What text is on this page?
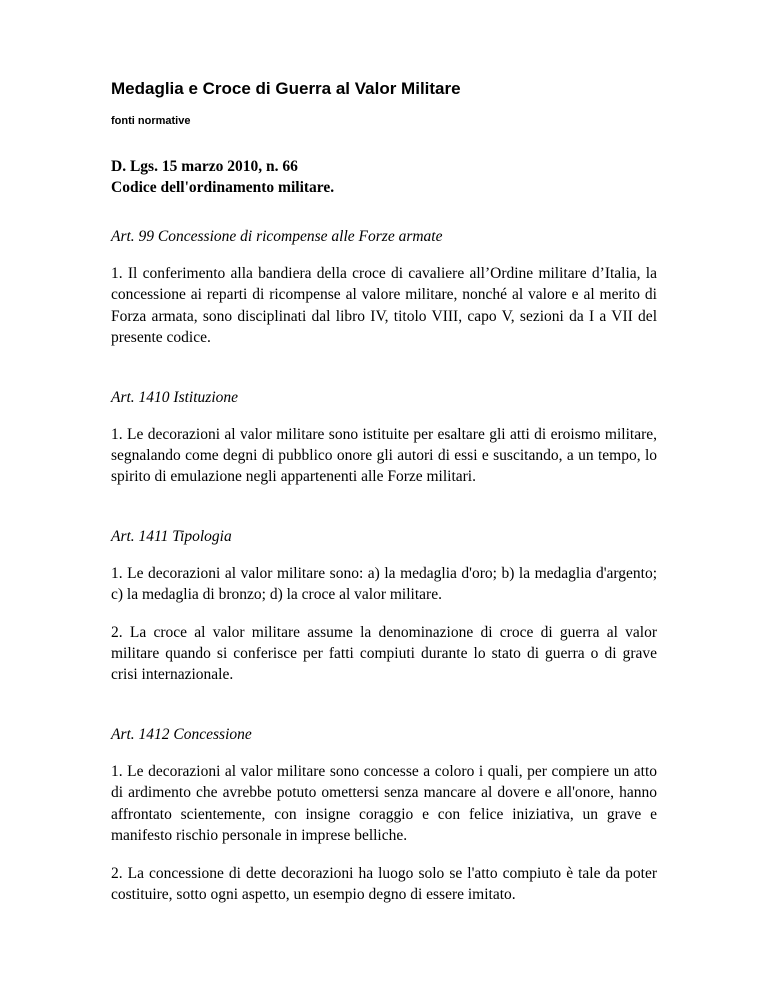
Medaglia e Croce di Guerra al Valor Militare
fonti normative
D. Lgs. 15 marzo 2010, n. 66
Codice dell'ordinamento militare.
Art. 99 Concessione di ricompense alle Forze armate

1. Il conferimento alla bandiera della croce di cavaliere all’Ordine militare d’Italia, la concessione ai reparti di ricompense al valore militare, nonché al valore e al merito di Forza armata, sono disciplinati dal libro IV, titolo VIII, capo V, sezioni da I a VII del presente codice.

Art. 1410 Istituzione

1. Le decorazioni al valor militare sono istituite per esaltare gli atti di eroismo militare, segnalando come degni di pubblico onore gli autori di essi e suscitando, a un tempo, lo spirito di emulazione negli appartenenti alle Forze militari.

Art. 1411 Tipologia

1. Le decorazioni al valor militare sono: a) la medaglia d'oro; b) la medaglia d'argento; c) la medaglia di bronzo; d) la croce al valor militare.

2. La croce al valor militare assume la denominazione di croce di guerra al valor militare quando si conferisce per fatti compiuti durante lo stato di guerra o di grave crisi internazionale.

Art. 1412 Concessione

1. Le decorazioni al valor militare sono concesse a coloro i quali, per compiere un atto di ardimento che avrebbe potuto omettersi senza mancare al dovere e all'onore, hanno affrontato scientemente, con insigne coraggio e con felice iniziativa, un grave e manifesto rischio personale in imprese belliche.

2. La concessione di dette decorazioni ha luogo solo se l'atto compiuto è tale da poter costituire, sotto ogni aspetto, un esempio degno di essere imitato.
